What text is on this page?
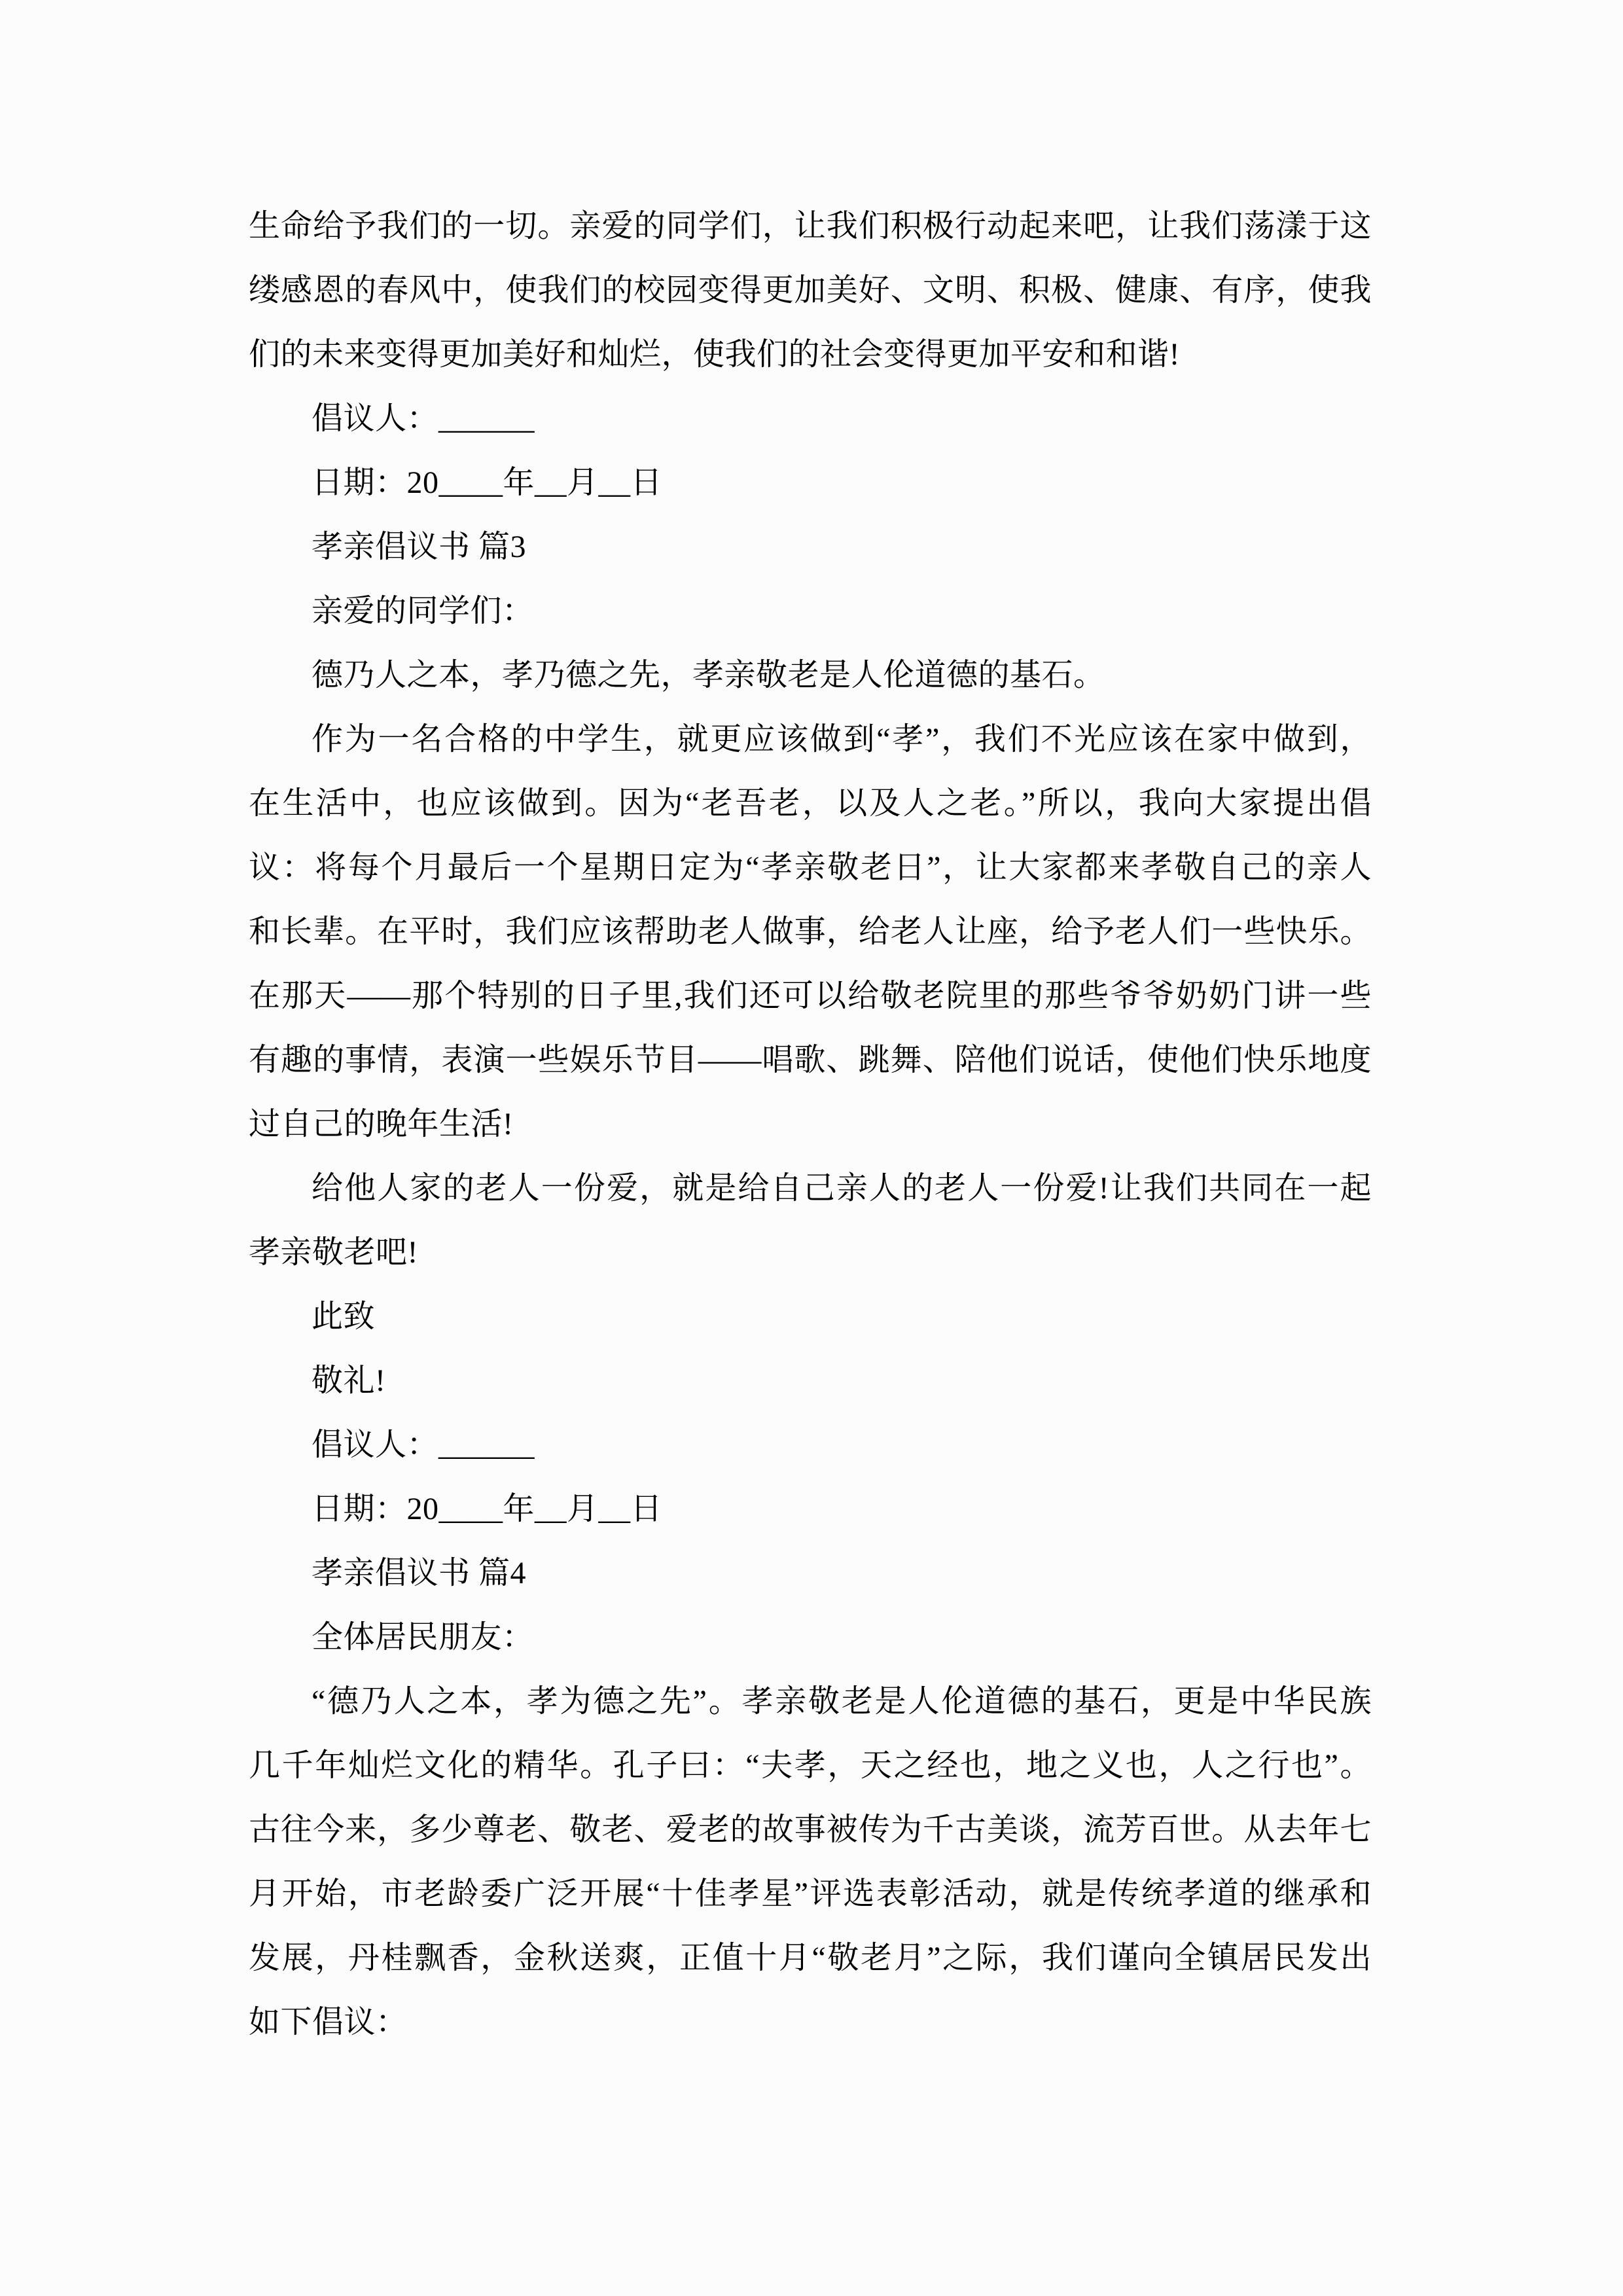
生命给予我们的一切。亲爱的同学们，让我们积极行动起来吧，让我们荡漾于这
缕感恩的春风中，使我们的校园变得更加美好、文明、积极、健康、有序，使我
们的未来变得更加美好和灿烂，使我们的社会变得更加平安和和谐!
倡议人：______
日期：20____年__月__日
孝亲倡议书 篇3
亲爱的同学们：
德乃人之本，孝乃德之先，孝亲敬老是人伦道德的基石。
作为一名合格的中学生，就更应该做到“孝”，我们不光应该在家中做到，
在生活中，也应该做到。因为“老吾老，以及人之老。”所以，我向大家提出倡
议：将每个月最后一个星期日定为“孝亲敬老日”，让大家都来孝敬自己的亲人
和长辈。在平时，我们应该帮助老人做事，给老人让座，给予老人们一些快乐。
在那天——那个特别的日子里,我们还可以给敬老院里的那些爷爷奶奶门讲一些
有趣的事情，表演一些娱乐节目——唱歌、跳舞、陪他们说话，使他们快乐地度
过自己的晚年生活!
给他人家的老人一份爱，就是给自己亲人的老人一份爱!让我们共同在一起
孝亲敬老吧!
此致
敬礼!
倡议人：______
日期：20____年__月__日
孝亲倡议书 篇4
全体居民朋友：
“德乃人之本，孝为德之先”。孝亲敬老是人伦道德的基石，更是中华民族
几千年灿烂文化的精华。孔子曰：“夫孝，天之经也，地之义也，人之行也”。
古往今来，多少尊老、敬老、爱老的故事被传为千古美谈，流芳百世。从去年七
月开始，市老龄委广泛开展“十佳孝星”评选表彰活动，就是传统孝道的继承和
发展，丹桂飘香，金秋送爽，正值十月“敬老月”之际，我们谨向全镇居民发出
如下倡议：
